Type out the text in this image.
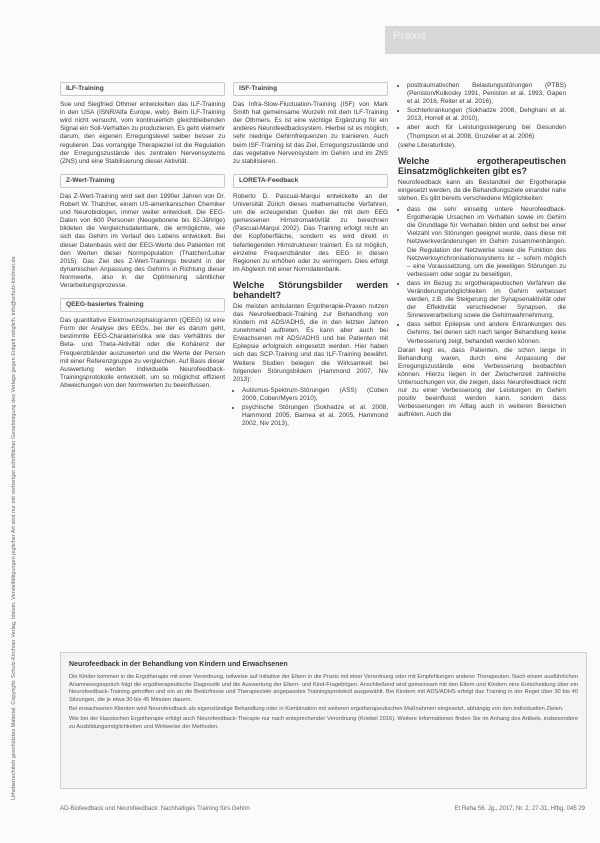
Urheberrechtlich geschütztes Material. Copyright: Schulz-Kirchner Verlag, Idstein. Vervielfältigungen jeglicher Art sind nur mit vorheriger schriftlicher Genehmigung des Verlags gegen Entgelt möglich. info@schulz-kirchner.de
Praxis
ILF-Training

Sue und Siegfried Othmer entwickelten das ILF-Training in den USA (ISNR/Alfa Europe, web). Beim ILF-Training wird nicht versucht, vom kontinuierlich gleichbleibenden Signal ein Soll-Verhalten zu produzieren. Es geht vielmehr darum, den eigenen Erregungslevel selber besser zu regulieren. Das vorrangige Therapieziel ist die Regulation der Erregungszustände des zentralen Nervensystems (ZNS) und eine Stabilisierung dieser Aktivität.

Z-Wert-Training

Das Z-Wert-Training wird seit den 1990er Jahren von Dr. Robert W. Thatcher, einem US-amerikanischen Chemiker und Neurobiologen, immer weiter entwickelt. Die EEG-Daten von 600 Personen (Neugeborene bis 82-Jährige) bildeten die Vergleichsdatenbank, die ermöglichte, wie sich das Gehirn im Verlauf des Lebens entwickelt. Bei dieser Datenbasis wird der EEG-Werte des Patienten mit den Werten dieser Normpopulation (Thatcher/Lubar 2015). Das Ziel des Z-Wert-Trainings besteht in der dynamischen Anpassung des Gehirns in Richtung dieser Normwerte, also in der Optimierung sämtlicher Verarbeitungsprozesse.

QEEG-basiertes Training

Das quantitative Elektroenzephalogramm (QEEG) ist eine Form der Analyse des EEGs, bei der es darum geht, bestimmte EEG-Charakteristika wie das Verhältnis der Beta- und Theta-Aktivität oder die Kohärenz der Frequenzbänder auszuwerten und die Werte der Person mit einer Referenzgruppe zu vergleichen. Auf Basis dieser Auswertung werden individuelle Neurofeedback-Trainingsprotokolle entwickelt, um so möglichst effizient Abweichungen von den Normwerten zu beeinflussen.

ISF-Training

Das Infra-Slow-Fluctuation-Training (ISF) von Mark Smith hat gemeinsame Wurzeln mit dem ILF-Training der Othmers. Es ist eine wichtige Ergänzung für ein anderes Neurofeedbacksystem. Hierbei ist es möglich, sehr niedrige Gehirnfrequenzen zu trainieren. Auch beim ISF-Training ist das Ziel, Erregungszustände und das vegetative Nervensystem im Gehirn und im ZNS zu stabilisieren.

LORETA-Feedback

Roberto D. Pascual-Marqui entwickelte an der Universität Zürich dieses mathematische Verfahren, um die erzeugenden Quellen der mit dem EEG gemessenen Hirnstromaktivität zu berechnen (Pascual-Marqui 2002). Das Training erfolgt nicht an der Kopfoberfläche, sondern es wird direkt in tieferliegenden Hirnstrukturen trainiert. Es ist möglich, einzelne Frequenzbänder des EEG in diesen Regionen zu erhöhen oder zu verringern. Dies erfolgt im Abgleich mit einer Normdatenbank.

Welche Störungsbilder werden behandelt?

Die meisten ambulanten Ergotherapie-Praxen nutzen das Neurofeedback-Training zur Behandlung von Kindern mit ADS/ADHS, die in den letzten Jahren zunehmend auftreten. Es kann aber auch bei Erwachsenen mit ADS/ADHS und bei Patienten mit Epilepsie erfolgreich eingesetzt werden. Hier haben sich das SCP-Training und das ILF-Training bewährt. Weitere Studien belegen die Wirksamkeit bei folgenden Störungsbildern (Hammond 2007, Niv 2013):

• Autismus-Spektrum-Störungen (ASS) (Coben 2009, Coben/Myers 2010),
• psychische Störungen (Sokhadze et al. 2008, Hammond 2005, Barnea et al. 2005, Hammond 2002, Niv 2013),
• posttraumatischen Belastungsstörungen (PTBS) (Peniston/Kulkosky 1991, Peniston et al. 1993, Gapen et al. 2016, Reiter et al. 2016),
• Suchterkrankungen (Sokhadze 2008, Dehghani et al. 2013, Horrell et al. 2010),
• aber auch für Leistungssteigerung bei Gesunden (Thompson et al. 2008, Gruzelier et al. 2006)

(siehe Literaturliste).

Welche ergotherapeutischen Einsatzmöglichkeiten gibt es?

Neurofeedback kann als Bestandteil der Ergotherapie eingesetzt werden, da die Behandlungsziele einander nahe stehen. Es gibt bereits verschiedene Möglichkeiten:

• dass die sehr einseitig untere Neurofeedback-Ergotherapie Ursachen im Verhalten sowie im Gehirn die Grundlage für Verhalten bilden und selbst bei einer Vielzahl von Störungen geeignet wurde, dass diese mit Netzwerkveränderungen im Gehirn zusammenhängen. Die Regulation der Netzwerke sowie die Funktion des Netzwerksynchronisationssystems ist – sofern möglich – eine Voraussetzung, um die jeweiligen Störungen zu verbessern oder sogar zu beseitigen,
• dass im Bezug zu ergotherapeutischen Verfahren die Veränderungsmöglichkeiten im Gehirn verbessert werden, z.B. die Steigerung der Synapsenaktivität oder der Effektivität verschiedener Synapsen, die Sinnesverarbeitung sowie die Gehirnwahrnehmung,
• dass selbst Epilepsie und andere Erkrankungen des Gehirns, bei denen sich nach langer Behandlung keine Verbesserung zeigt, behandelt werden können.

Daran liegt es, dass Patienten, die schon lange in Behandlung waren, durch eine Anpassung der Erregungszustände eine Verbesserung beobachten können. Hierzu liegen in der Zwischenzeit zahlreiche Untersuchungen vor, die zeigen, dass Neurofeedback nicht nur zu einer Verbesserung der Leistungen im Gehirn positiv beeinflusst werden kann, sondern dass Verbesserungen im Alltag auch in weiteren Bereichen auftreten. Auch die

Neurofeedback in der Behandlung von Kindern und Erwachsenen

Die Kinder kommen in die Ergotherapie mit einer Verordnung, teilweise auf Initiative der Eltern in die Praxis mit einer Verordnung oder mit Empfehlungen anderer Therapeuten. Nach einem ausführlichen Anamnesegespräch folgt die ergotherapeutische Diagnostik und die Auswertung der Eltern- und Kind-Fragebögen. Anschließend wird gemeinsam mit den Eltern und Kindern eine Entscheidung über ein Neurofeedback-Training getroffen und ein an die Bedürfnisse und Therapieziele angepasstes Trainingsprotokoll ausgewählt. Bei Kindern mit ADS/ADHS erfolgt das Training in der Regel über 30 bis 40 Sitzungen, die je etwa 30 bis 45 Minuten dauern.

Bei erwachsenen Klienten wird Neurofeedback als eigenständige Behandlung oder in Kombination mit weiteren ergotherapeutischen Maßnahmen eingesetzt, abhängig von den individuellen Zielen.

Wie bei der klassischen Ergotherapie erfolgt auch Neurofeedback-Therapie nur nach entsprechender Verordnung (Kriebel 2016). Weitere Informationen finden Sie im Anhang des Artikels, insbesondere zu Ausbildungsmöglichkeiten und Wirkweise der Methoden.

AD-Biofeedback und Neurofeedback: Nachhaltiges Training fürs Gehirn	Et Reha 56. Jg., 2017, Nr. 2, 27-31, Hfbg. 045 29
